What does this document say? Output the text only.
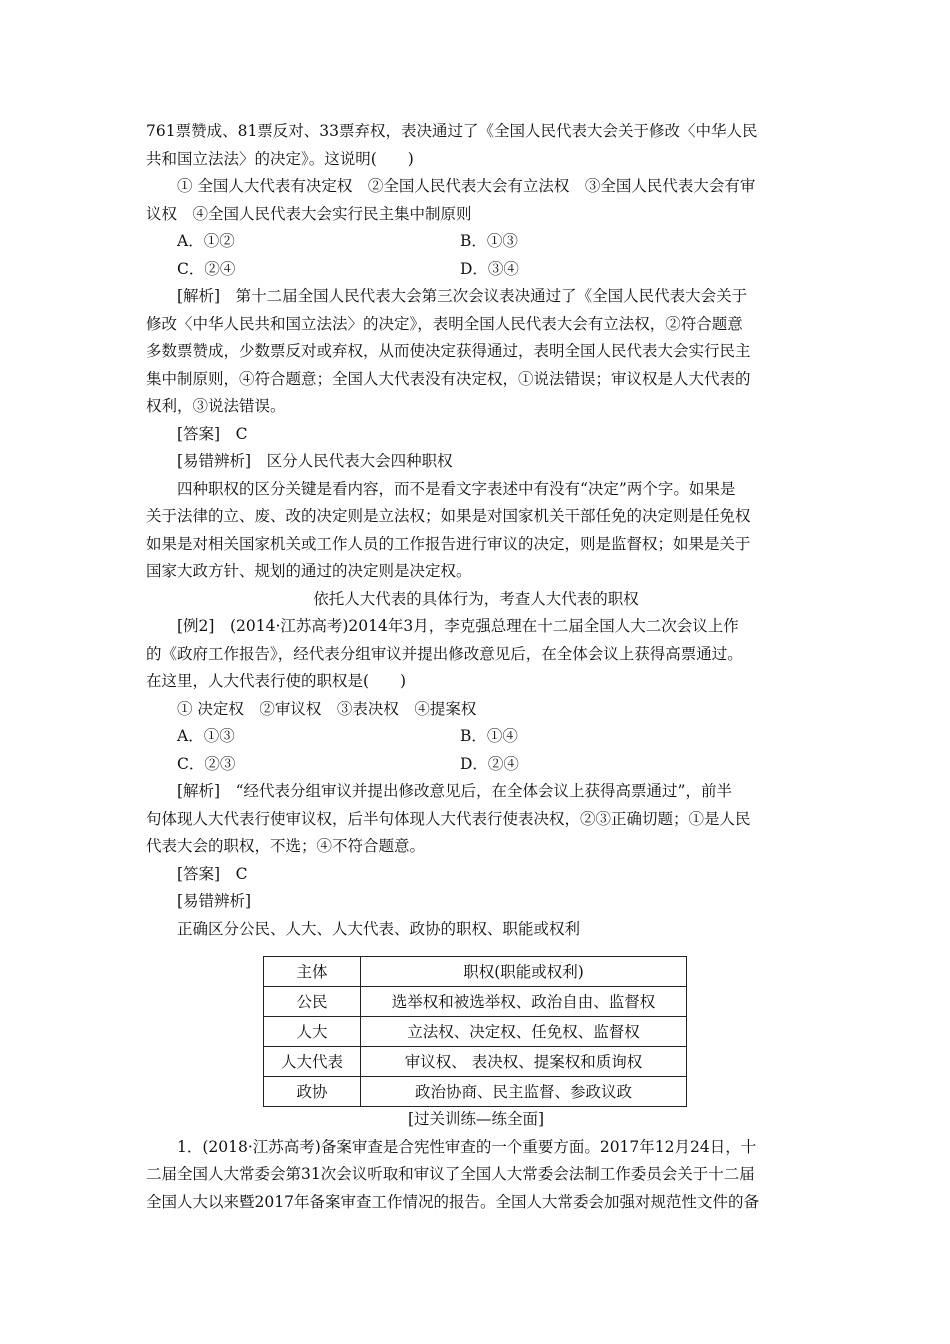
761票赞成、81票反对、33票弃权，表决通过了《全国人民代表大会关于修改〈中华人民

共和国立法法〉的决定》。这说明(　　)

① 全国人大代表有决定权　②全国人民代表大会有立法权　③全国人民代表大会有审

议权　④全国人民代表大会实行民主集中制原则

A．①②	B．①③
C．②④	D．③④

[解析]　第十二届全国人民代表大会第三次会议表决通过了《全国人民代表大会关于

修改〈中华人民共和国立法法〉的决定》，表明全国人民代表大会有立法权，②符合题意

多数票赞成，少数票反对或弃权，从而使决定获得通过，表明全国人民代表大会实行民主

集中制原则，④符合题意；全国人大代表没有决定权，①说法错误；审议权是人大代表的

权利，③说法错误。

[答案]　C

[易错辨析]　区分人民代表大会四种职权

四种职权的区分关键是看内容，而不是看文字表述中有没有“决定”两个字。如果是

关于法律的立、废、改的决定则是立法权；如果是对国家机关干部任免的决定则是任免权

如果是对相关国家机关或工作人员的工作报告进行审议的决定，则是监督权；如果是关于

国家大政方针、规划的通过的决定则是决定权。

依托人大代表的具体行为，考查人大代表的职权

[例2]　(2014·江苏高考)2014年3月，李克强总理在十二届全国人大二次会议上作

的《政府工作报告》，经代表分组审议并提出修改意见后，在全体会议上获得高票通过。

在这里，人大代表行使的职权是(　　)

① 决定权　②审议权　③表决权　④提案权

A．①③	B．①④
C．②③	D．②④

[解析]　“经代表分组审议并提出修改意见后，在全体会议上获得高票通过”，前半

句体现人大代表行使审议权，后半句体现人大代表行使表决权，②③正确切题；①是人民

代表大会的职权，不选；④不符合题意。

[答案]　C

[易错辨析]

正确区分公民、人大、人大代表、政协的职权、职能或权利

主体	职权(职能或权利)
公民	选举权和被选举权、政治自由、监督权
人大	立法权、决定权、任免权、监督权
人大代表	审议权、 表决权、提案权和质询权
政协	政治协商、民主监督、参政议政

[过关训练—练全面]

1．(2018·江苏高考)备案审查是合宪性审查的一个重要方面。2017年12月24日，十

二届全国人大常委会第31次会议听取和审议了全国人大常委会法制工作委员会关于十二届

全国人大以来暨2017年备案审查工作情况的报告。全国人大常委会加强对规范性文件的备
